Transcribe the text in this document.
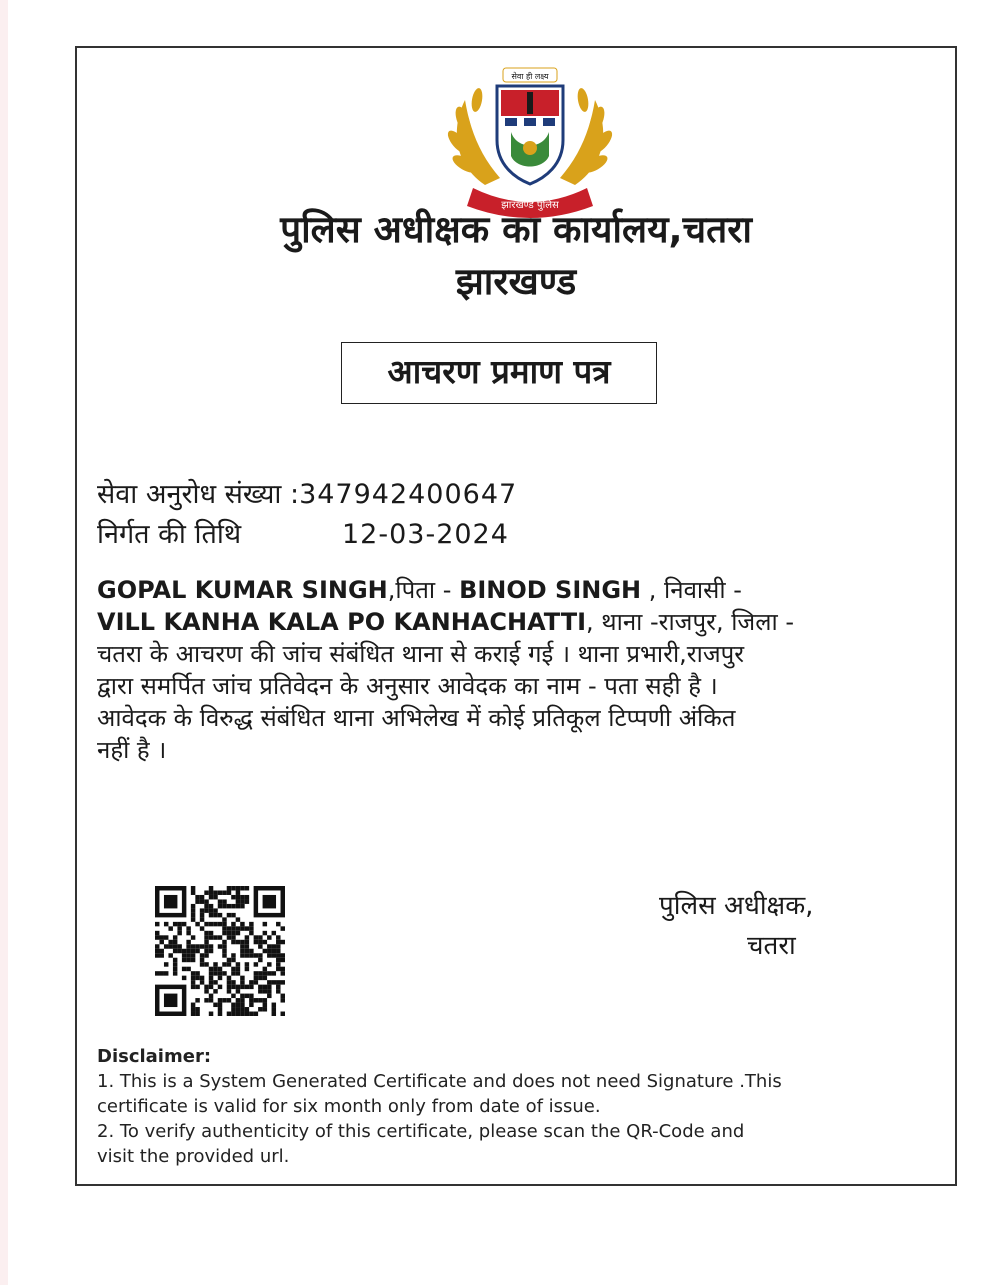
सेवा ही लक्ष्य
झारखण्ड पुलिस
पुलिस अधीक्षक का कार्यालय,चतरा
झारखण्ड
आचरण प्रमाण पत्र
सेवा अनुरोध संख्या :347942400647
निर्गत की तिथि	12-03-2024
GOPAL KUMAR SINGH,पिता - BINOD SINGH , निवासी -
VILL KANHA KALA PO KANHACHATTI, थाना -राजपुर, जिला -
चतरा के आचरण की जांच संबंधित थाना से कराई गई । थाना प्रभारी,राजपुर
द्वारा समर्पित जांच प्रतिवेदन के अनुसार आवेदक का नाम - पता सही है ।
आवेदक के विरुद्ध संबंधित थाना अभिलेख में कोई प्रतिकूल टिप्पणी अंकित
नहीं है ।
पुलिस अधीक्षक,
चतरा
Disclaimer:
1. This is a System Generated Certificate and does not need Signature .This
certificate is valid for six month only from date of issue.
2. To verify authenticity of this certificate, please scan the QR-Code and
visit the provided url.
